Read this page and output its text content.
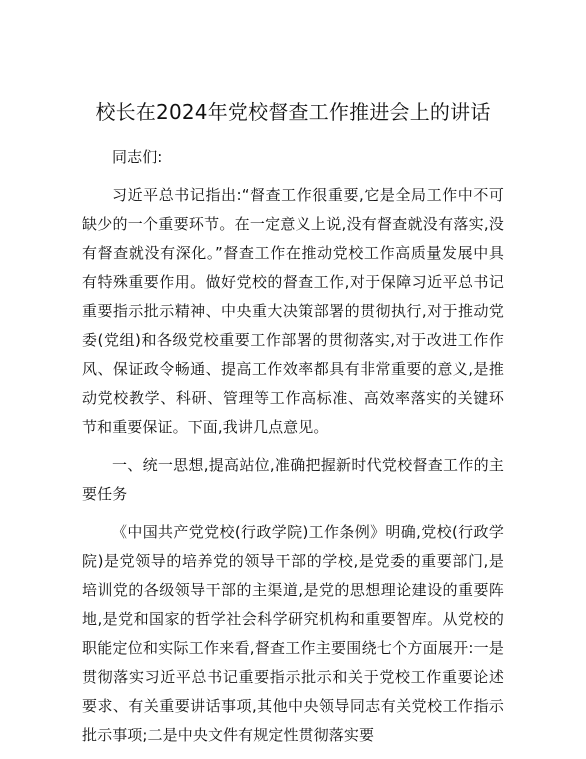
校长在2024年党校督查工作推进会上的讲话

同志们:

习近平总书记指出:“督查工作很重要,它是全局工作中不可缺少的一个重要环节。在一定意义上说,没有督查就没有落实,没有督查就没有深化。”督查工作在推动党校工作高质量发展中具有特殊重要作用。做好党校的督查工作,对于保障习近平总书记重要指示批示精神、中央重大决策部署的贯彻执行,对于推动党委(党组)和各级党校重要工作部署的贯彻落实,对于改进工作作风、保证政令畅通、提高工作效率都具有非常重要的意义,是推动党校教学、科研、管理等工作高标准、高效率落实的关键环节和重要保证。下面,我讲几点意见。

一、统一思想,提高站位,准确把握新时代党校督查工作的主要任务

《中国共产党党校(行政学院)工作条例》明确,党校(行政学院)是党领导的培养党的领导干部的学校,是党委的重要部门,是培训党的各级领导干部的主渠道,是党的思想理论建设的重要阵地,是党和国家的哲学社会科学研究机构和重要智库。从党校的职能定位和实际工作来看,督查工作主要围绕七个方面展开:一是贯彻落实习近平总书记重要指示批示和关于党校工作重要论述要求、有关重要讲话事项,其他中央领导同志有关党校工作指示批示事项;二是中央文件有规定性贯彻落实要
